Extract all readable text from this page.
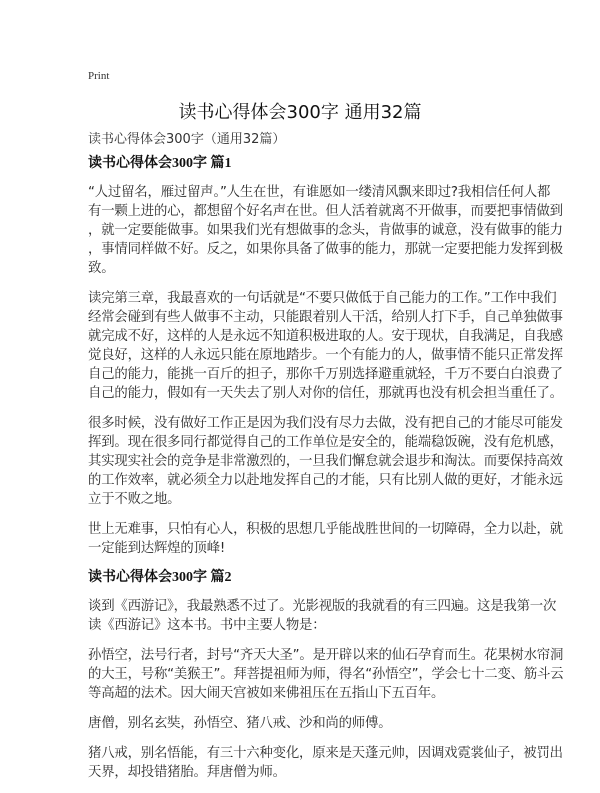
Print
读书心得体会300字 通用32篇
读书心得体会300字（通用32篇）
读书心得体会300字 篇1
“人过留名，雁过留声。”人生在世，有谁愿如一缕清风飘来即过?我相信任何人都
有一颗上进的心，都想留个好名声在世。但人活着就离不开做事，而要把事情做到
，就一定要能做事。如果我们光有想做事的念头，肯做事的诚意，没有做事的能力
，事情同样做不好。反之，如果你具备了做事的能力，那就一定要把能力发挥到极
致。
读完第三章，我最喜欢的一句话就是“不要只做低于自己能力的工作。”工作中我们
经常会碰到有些人做事不主动，只能跟着别人干活，给别人打下手，自己单独做事
就完成不好，这样的人是永远不知道积极进取的人。安于现状，自我满足，自我感
觉良好，这样的人永远只能在原地踏步。一个有能力的人，做事情不能只正常发挥
自己的能力，能挑一百斤的担子，那你千万别选择避重就轻，千万不要白白浪费了
自己的能力，假如有一天失去了别人对你的信任，那就再也没有机会担当重任了。
很多时候，没有做好工作正是因为我们没有尽力去做，没有把自己的才能尽可能发
挥到。现在很多同行都觉得自己的工作单位是安全的，能端稳饭碗，没有危机感，
其实现实社会的竞争是非常激烈的，一旦我们懈怠就会退步和淘汰。而要保持高效
的工作效率，就必须全力以赴地发挥自己的才能，只有比别人做的更好，才能永远
立于不败之地。
世上无难事，只怕有心人，积极的思想几乎能战胜世间的一切障碍，全力以赴，就
一定能到达辉煌的顶峰!
读书心得体会300字 篇2
谈到《西游记》，我最熟悉不过了。光影视版的我就看的有三四遍。这是我第一次
读《西游记》这本书。书中主要人物是：
孙悟空，法号行者，封号“齐天大圣”。是开辟以来的仙石孕育而生。花果树水帘洞
的大王，号称“美猴王”。拜菩提祖师为师，得名“孙悟空”，学会七十二变、筋斗云
等高超的法术。因大闹天宫被如来佛祖压在五指山下五百年。
唐僧，别名玄奘，孙悟空、猪八戒、沙和尚的师傅。
猪八戒，别名悟能，有三十六种变化，原来是天蓬元帅，因调戏霓裳仙子，被罚出
天界，却投错猪胎。拜唐僧为师。
